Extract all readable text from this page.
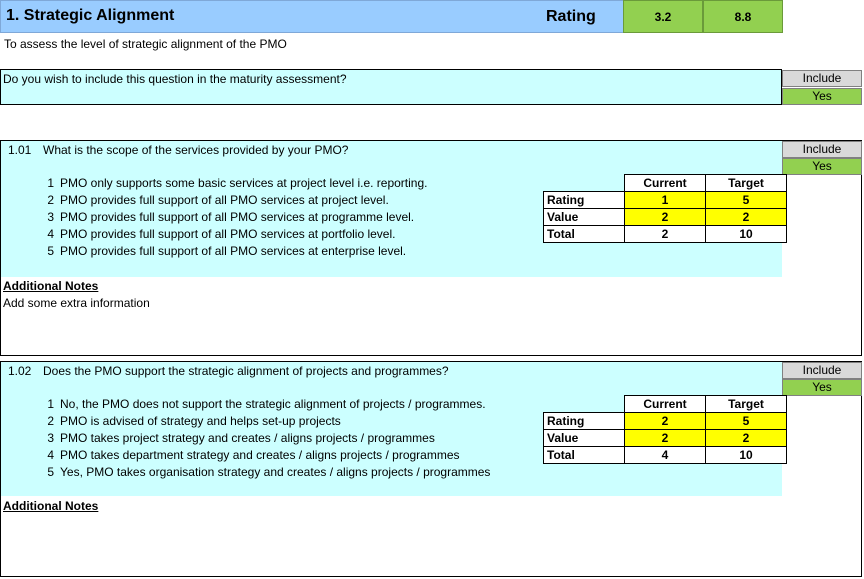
1. Strategic Alignment	Rating	3.2	8.8
To assess the level of strategic alignment of the PMO
Do you wish to include this question in the maturity assessment?	Include
Yes
1.01 What is the scope of the services provided by your PMO?	Include
Yes
1 PMO only supports some basic services at project level i.e. reporting.
2 PMO provides full support of all PMO services at project level.
3 PMO provides full support of all PMO services at programme level.
4 PMO provides full support of all PMO services at portfolio level.
5 PMO provides full support of all PMO services at enterprise level.
	Current	Target
Rating	1	5
Value	2	2
Total	2	10
Additional Notes
Add some extra information
1.02 Does the PMO support the strategic alignment of projects and programmes?	Include
Yes
1 No, the PMO does not support the strategic alignment of projects / programmes.
2 PMO is advised of strategy and helps set-up projects
3 PMO takes project strategy and creates / aligns projects / programmes
4 PMO takes department strategy and creates / aligns projects / programmes
5 Yes, PMO takes organisation strategy and creates / aligns projects / programmes
	Current	Target
Rating	2	5
Value	2	2
Total	4	10
Additional Notes
